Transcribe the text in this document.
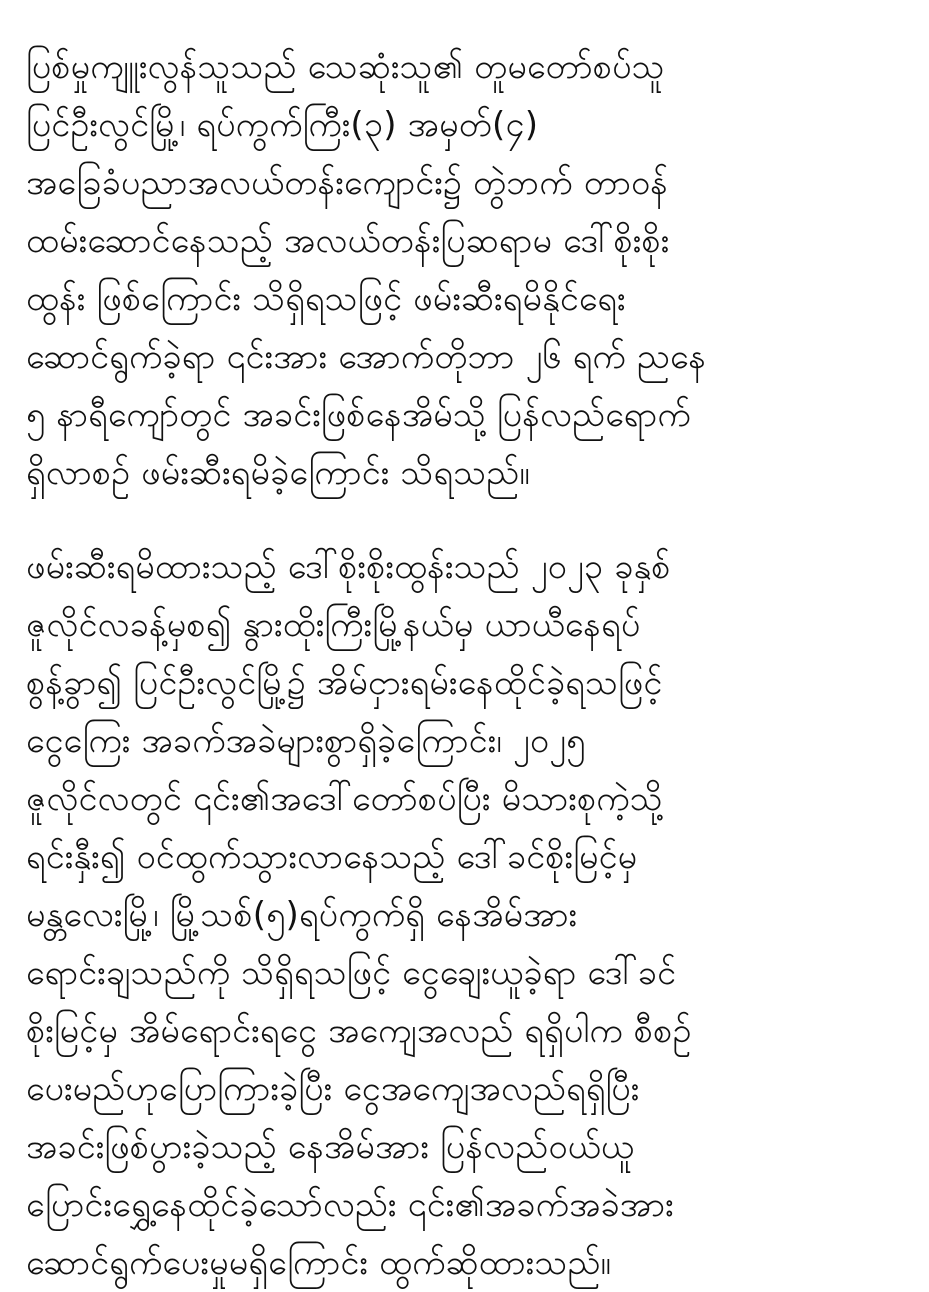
ပြစ်မှုကျူးလွန်သူသည် သေဆုံးသူ၏ တူမတော်စပ်သူ
ပြင်ဦးလွင်မြို့၊ ရပ်ကွက်ကြီး(၃) အမှတ်(၄)
အခြေခံပညာအလယ်တန်းကျောင်း၌ တွဲဘက် တာဝန်
ထမ်းဆောင်နေသည့် အလယ်တန်းပြဆရာမ ဒေါ်စိုးစိုး
ထွန်း ဖြစ်ကြောင်း သိရှိရသဖြင့် ဖမ်းဆီးရမိနိုင်ရေး
ဆောင်ရွက်ခဲ့ရာ ၎င်းအား အောက်တိုဘာ ၂၆ ရက် ညနေ
၅ နာရီကျော်တွင် အခင်းဖြစ်နေအိမ်သို့ ပြန်လည်ရောက်
ရှိလာစဉ် ဖမ်းဆီးရမိခဲ့ကြောင်း သိရသည်။
ဖမ်းဆီးရမိထားသည့် ဒေါ်စိုးစိုးထွန်းသည် ၂၀၂၃ ခုနှစ်
ဇူလိုင်လခန့်မှစ၍ နွားထိုးကြီးမြို့နယ်မှ ယာယီနေရပ်
စွန့်ခွာ၍ ပြင်ဦးလွင်မြို့၌ အိမ်ငှားရမ်းနေထိုင်ခဲ့ရသဖြင့်
ငွေကြေး အခက်အခဲများစွာရှိခဲ့ကြောင်း၊ ၂၀၂၅
ဇူလိုင်လတွင် ၎င်း၏အဒေါ်တော်စပ်ပြီး မိသားစုကဲ့သို့
ရင်းနှီး၍ ဝင်ထွက်သွားလာနေသည့် ဒေါ်ခင်စိုးမြင့်မှ
မန္တလေးမြို့၊ မြို့သစ်(၅)ရပ်ကွက်ရှိ နေအိမ်အား
ရောင်းချသည်ကို သိရှိရသဖြင့် ငွေချေးယူခဲ့ရာ ဒေါ်ခင်
စိုးမြင့်မှ အိမ်ရောင်းရငွေ အကျေအလည် ရရှိပါက စီစဉ်
ပေးမည်ဟုပြောကြားခဲ့ပြီး ငွေအကျေအလည်ရရှိပြီး
အခင်းဖြစ်ပွားခဲ့သည့် နေအိမ်အား ပြန်လည်ဝယ်ယူ
ပြောင်းရွှေ့နေထိုင်ခဲ့သော်လည်း ၎င်း၏အခက်အခဲအား
ဆောင်ရွက်ပေးမှုမရှိကြောင်း ထွက်ဆိုထားသည်။
